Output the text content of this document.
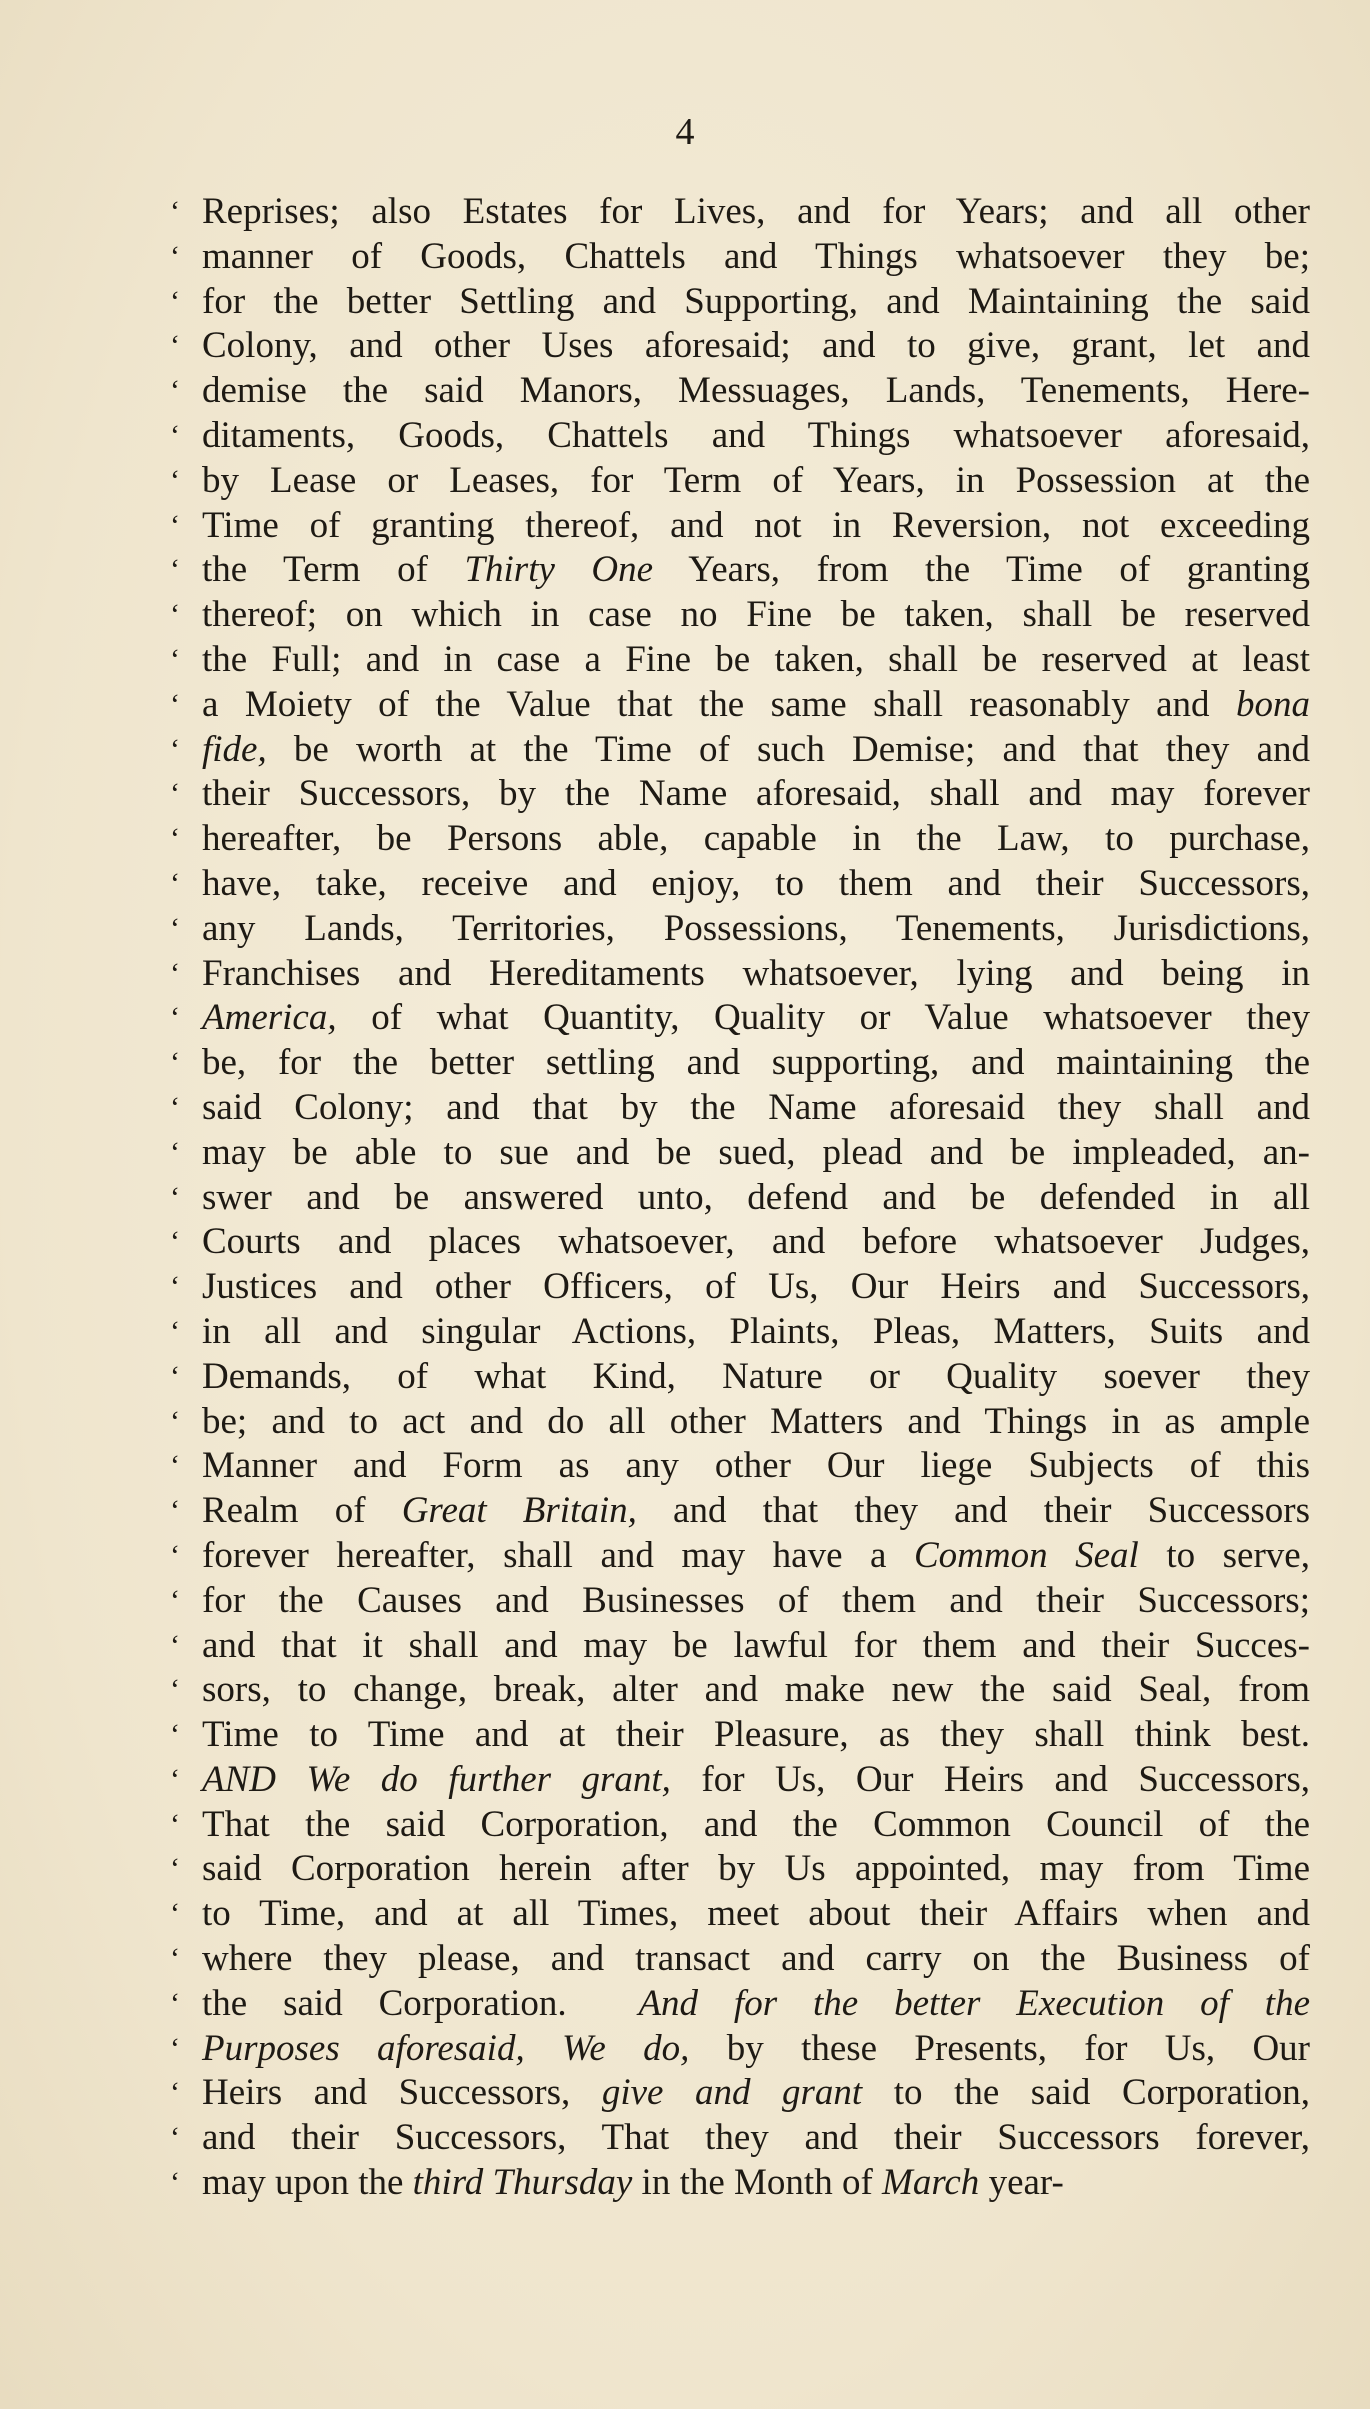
4
‘ Reprises; also Estates for Lives, and for Years; and all other
‘ manner of Goods, Chattels and Things whatsoever they be;
‘ for the better Settling and Supporting, and Maintaining the said
‘ Colony, and other Uses aforesaid; and to give, grant, let and
‘ demise the said Manors, Messuages, Lands, Tenements, Here-
‘ ditaments, Goods, Chattels and Things whatsoever aforesaid,
‘ by Lease or Leases, for Term of Years, in Possession at the
‘ Time of granting thereof, and not in Reversion, not exceeding
‘ the Term of Thirty One Years, from the Time of granting
‘ thereof; on which in case no Fine be taken, shall be reserved
‘ the Full; and in case a Fine be taken, shall be reserved at least
‘ a Moiety of the Value that the same shall reasonably and bona
‘ fide, be worth at the Time of such Demise; and that they and
‘ their Successors, by the Name aforesaid, shall and may forever
‘ hereafter, be Persons able, capable in the Law, to purchase,
‘ have, take, receive and enjoy, to them and their Successors,
‘ any Lands, Territories, Possessions, Tenements, Jurisdictions,
‘ Franchises and Hereditaments whatsoever, lying and being in
‘ America, of what Quantity, Quality or Value whatsoever they
‘ be, for the better settling and supporting, and maintaining the
‘ said Colony; and that by the Name aforesaid they shall and
‘ may be able to sue and be sued, plead and be impleaded, an-
‘ swer and be answered unto, defend and be defended in all
‘ Courts and places whatsoever, and before whatsoever Judges,
‘ Justices and other Officers, of Us, Our Heirs and Successors,
‘ in all and singular Actions, Plaints, Pleas, Matters, Suits and
‘ Demands, of what Kind, Nature or Quality soever they
‘ be; and to act and do all other Matters and Things in as ample
‘ Manner and Form as any other Our liege Subjects of this
‘ Realm of Great Britain, and that they and their Successors
‘ forever hereafter, shall and may have a Common Seal to serve,
‘ for the Causes and Businesses of them and their Successors;
‘ and that it shall and may be lawful for them and their Succes-
‘ sors, to change, break, alter and make new the said Seal, from
‘ Time to Time and at their Pleasure, as they shall think best.
‘ AND We do further grant, for Us, Our Heirs and Successors,
‘ That the said Corporation, and the Common Council of the
‘ said Corporation herein after by Us appointed, may from Time
‘ to Time, and at all Times, meet about their Affairs when and
‘ where they please, and transact and carry on the Business of
‘ the said Corporation.  And for the better Execution of the
‘ Purposes aforesaid, We do, by these Presents, for Us, Our
‘ Heirs and Successors, give and grant to the said Corporation,
‘ and their Successors, That they and their Successors forever,
‘ may upon the third Thursday in the Month of March year-
